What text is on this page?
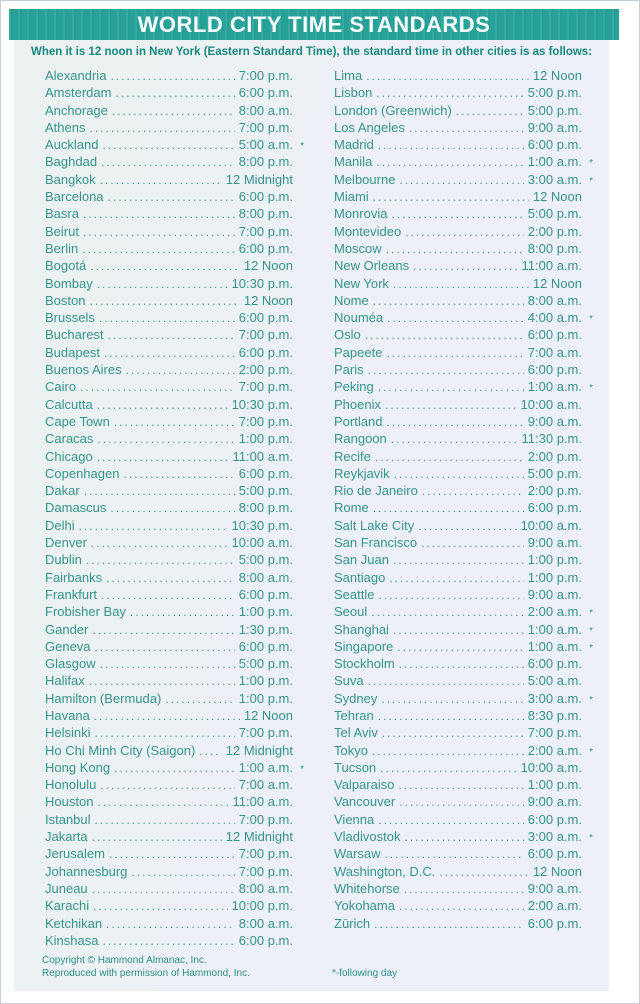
WORLD CITY TIME STANDARDS
When it is 12 noon in New York (Eastern Standard Time), the standard time in other cities is as follows:
Alexandria .....	7:00 p.m.
Amsterdam .....	6:00 p.m.
Anchorage .....	8:00 a.m.
Athens .....	7:00 p.m.
Auckland .....	5:00 a.m. *
Baghdad .....	8:00 p.m.
Bangkok .....	12 Midnight
Barcelona .....	6:00 p.m.
Basra .....	8:00 p.m.
Beirut .....	7:00 p.m.
Berlin .....	6:00 p.m.
Bogotá .....	12 Noon
Bombay .....	10:30 p.m.
Boston .....	12 Noon
Brussels .....	6:00 p.m.
Bucharest .....	7:00 p.m.
Budapest .....	6:00 p.m.
Buenos Aires .....	2:00 p.m.
Cairo .....	7:00 p.m.
Calcutta .....	10:30 p.m.
Cape Town .....	7:00 p.m.
Caracas .....	1:00 p.m.
Chicago .....	11:00 a.m.
Copenhagen .....	6:00 p.m.
Dakar .....	5:00 p.m.
Damascus .....	8:00 p.m.
Delhi .....	10:30 p.m.
Denver .....	10:00 a.m.
Dublin .....	5:00 p.m.
Fairbanks .....	8:00 a.m.
Frankfurt .....	6:00 p.m.
Frobisher Bay .....	1:00 p.m.
Gander .....	1:30 p.m.
Geneva .....	6:00 p.m.
Glasgow .....	5:00 p.m.
Halifax .....	1:00 p.m.
Hamilton (Bermuda) .....	1:00 p.m.
Havana .....	12 Noon
Helsinki .....	7:00 p.m.
Ho Chi Minh City (Saigon) ..... 12 Midnight
Hong Kong .....	1:00 a.m. *
Honolulu .....	7:00 a.m.
Houston .....	11:00 a.m.
Istanbul .....	7:00 p.m.
Jakarta .....	12 Midnight
Jerusalem .....	7:00 p.m.
Johannesburg .....	7:00 p.m.
Juneau .....	8:00 a.m.
Karachi .....	10:00 p.m.
Ketchikan .....	8:00 a.m.
Kinshasa .....	6:00 p.m.
Lima .....	12 Noon
Lisbon .....	5:00 p.m.
London (Greenwich) .....	5:00 p.m.
Los Angeles .....	9:00 a.m.
Madrid .....	6:00 p.m.
Manila .....	1:00 a.m. *
Melbourne .....	3:00 a.m. *
Miami .....	12 Noon
Monrovia .....	5:00 p.m.
Montevideo .....	2:00 p.m.
Moscow .....	8:00 p.m.
New Orleans .....	11:00 a.m.
New York .....	12 Noon
Nome .....	8:00 a.m.
Nouméa .....	4:00 a.m. *
Oslo .....	6:00 p.m.
Papeete .....	7:00 a.m.
Paris .....	6:00 p.m.
Peking .....	1:00 a.m. *
Phoenix .....	10:00 a.m.
Portland .....	9:00 a.m.
Rangoon .....	11:30 p.m.
Recife .....	2:00 p.m.
Reykjavik .....	5:00 p.m.
Rio de Janeiro .....	2:00 p.m.
Rome .....	6:00 p.m.
Salt Lake City .....	10:00 a.m.
San Francisco .....	9:00 a.m.
San Juan .....	1:00 p.m.
Santiago .....	1:00 p.m.
Seattle .....	9:00 a.m.
Seoul .....	2:00 a.m. *
Shanghai .....	1:00 a.m. *
Singapore .....	1:00 a.m. *
Stockholm .....	6:00 p.m.
Suva .....	5:00 a.m.
Sydney .....	3:00 a.m. *
Tehran .....	8:30 p.m.
Tel Aviv .....	7:00 p.m.
Tokyo .....	2:00 a.m. *
Tucson .....	10:00 a.m.
Valparaiso .....	1:00 p.m.
Vancouver .....	9:00 a.m.
Vienna .....	6:00 p.m.
Vladivostok .....	3:00 a.m. *
Warsaw .....	6:00 p.m.
Washington, D.C. .....	12 Noon
Whitehorse .....	9:00 a.m.
Yokohama .....	2:00 a.m.
Zürich .....	6:00 p.m.
Copyright © Hammond Almanac, Inc.
Reproduced with permission of Hammond, Inc.	*-following day
